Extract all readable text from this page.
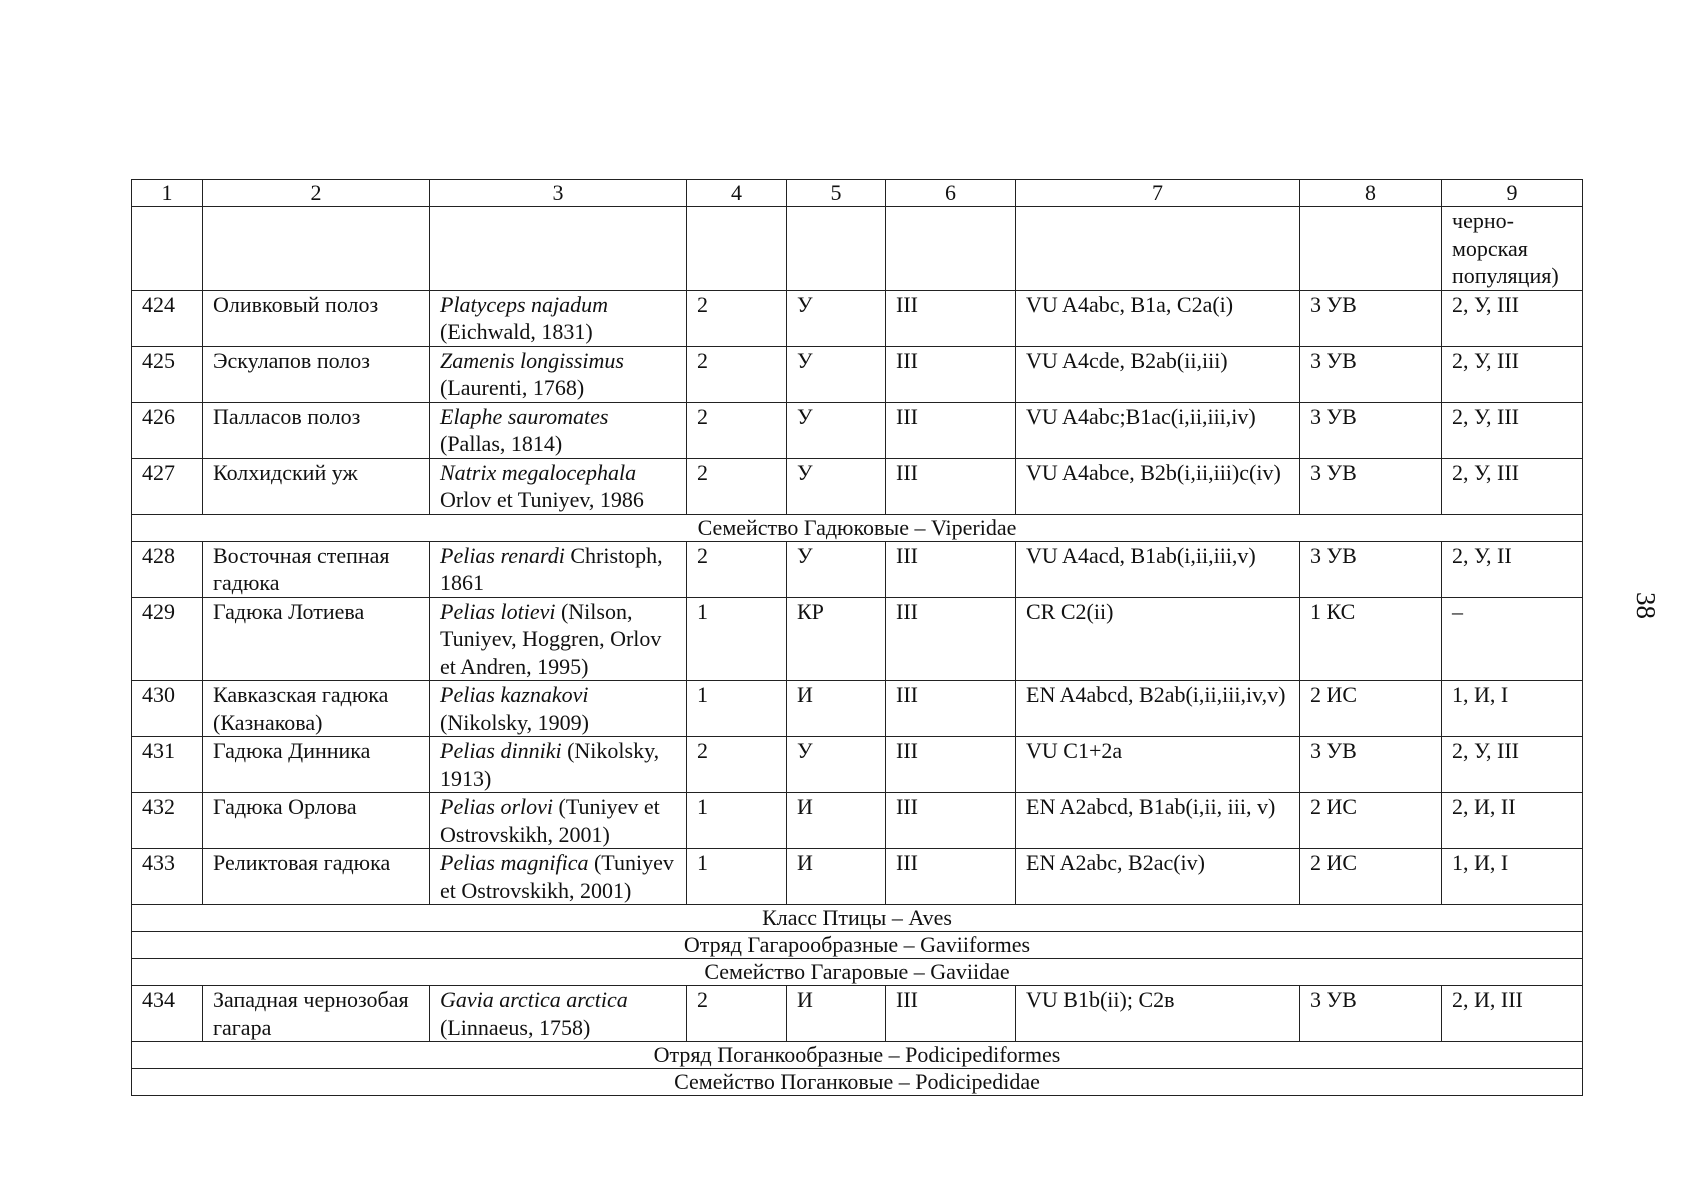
1	2	3	4	5	6	7	8	9
								черно-морская популяция)
424	Оливковый полоз	Platyceps najadum (Eichwald, 1831)	2	У	III	VU A4abc, B1a, C2a(i)	3 УВ	2, У, III
425	Эскулапов полоз	Zamenis longissimus (Laurenti, 1768)	2	У	III	VU A4cde, B2ab(ii,iii)	3 УВ	2, У, III
426	Палласов полоз	Elaphe sauromates (Pallas, 1814)	2	У	III	VU A4abc;B1ac(i,ii,iii,iv)	3 УВ	2, У, III
427	Колхидский уж	Natrix megalocephala Orlov et Tuniyev, 1986	2	У	III	VU A4abce, B2b(i,ii,iii)c(iv)	3 УВ	2, У, III
Семейство Гадюковые – Viperidae								
428	Восточная степная гадюка	Pelias renardi Christoph, 1861	2	У	III	VU A4acd, B1ab(i,ii,iii,v)	3 УВ	2, У, II
429	Гадюка Лотиева	Pelias lotievi (Nilson, Tuniyev, Hoggren, Orlov et Andren, 1995)	1	КР	III	CR C2(ii)	1 КС	–
430	Кавказская гадюка (Казнакова)	Pelias kaznakovi (Nikolsky, 1909)	1	И	III	EN A4abcd, B2ab(i,ii,iii,iv,v)	2 ИС	1, И, I
431	Гадюка Динника	Pelias dinniki (Nikolsky, 1913)	2	У	III	VU C1+2a	3 УВ	2, У, III
432	Гадюка Орлова	Pelias orlovi (Tuniyev et Ostrovskikh, 2001)	1	И	III	EN A2abcd, B1ab(i,ii, iii, v)	2 ИС	2, И, II
433	Реликтовая гадюка	Pelias magnifica (Tuniyev et Ostrovskikh, 2001)	1	И	III	EN A2abc, B2ac(iv)	2 ИС	1, И, I
Класс Птицы – Aves								
Отряд Гагарообразные – Gaviiformes								
Семейство Гагаровые – Gaviidae								
434	Западная чернозобая гагара	Gavia arctica arctica (Linnaeus, 1758)	2	И	III	VU B1b(ii); C2в	3 УВ	2, И, III
Отряд Поганкообразные – Podicipediformes								
Семейство Поганковые – Podicipedidae								
38
